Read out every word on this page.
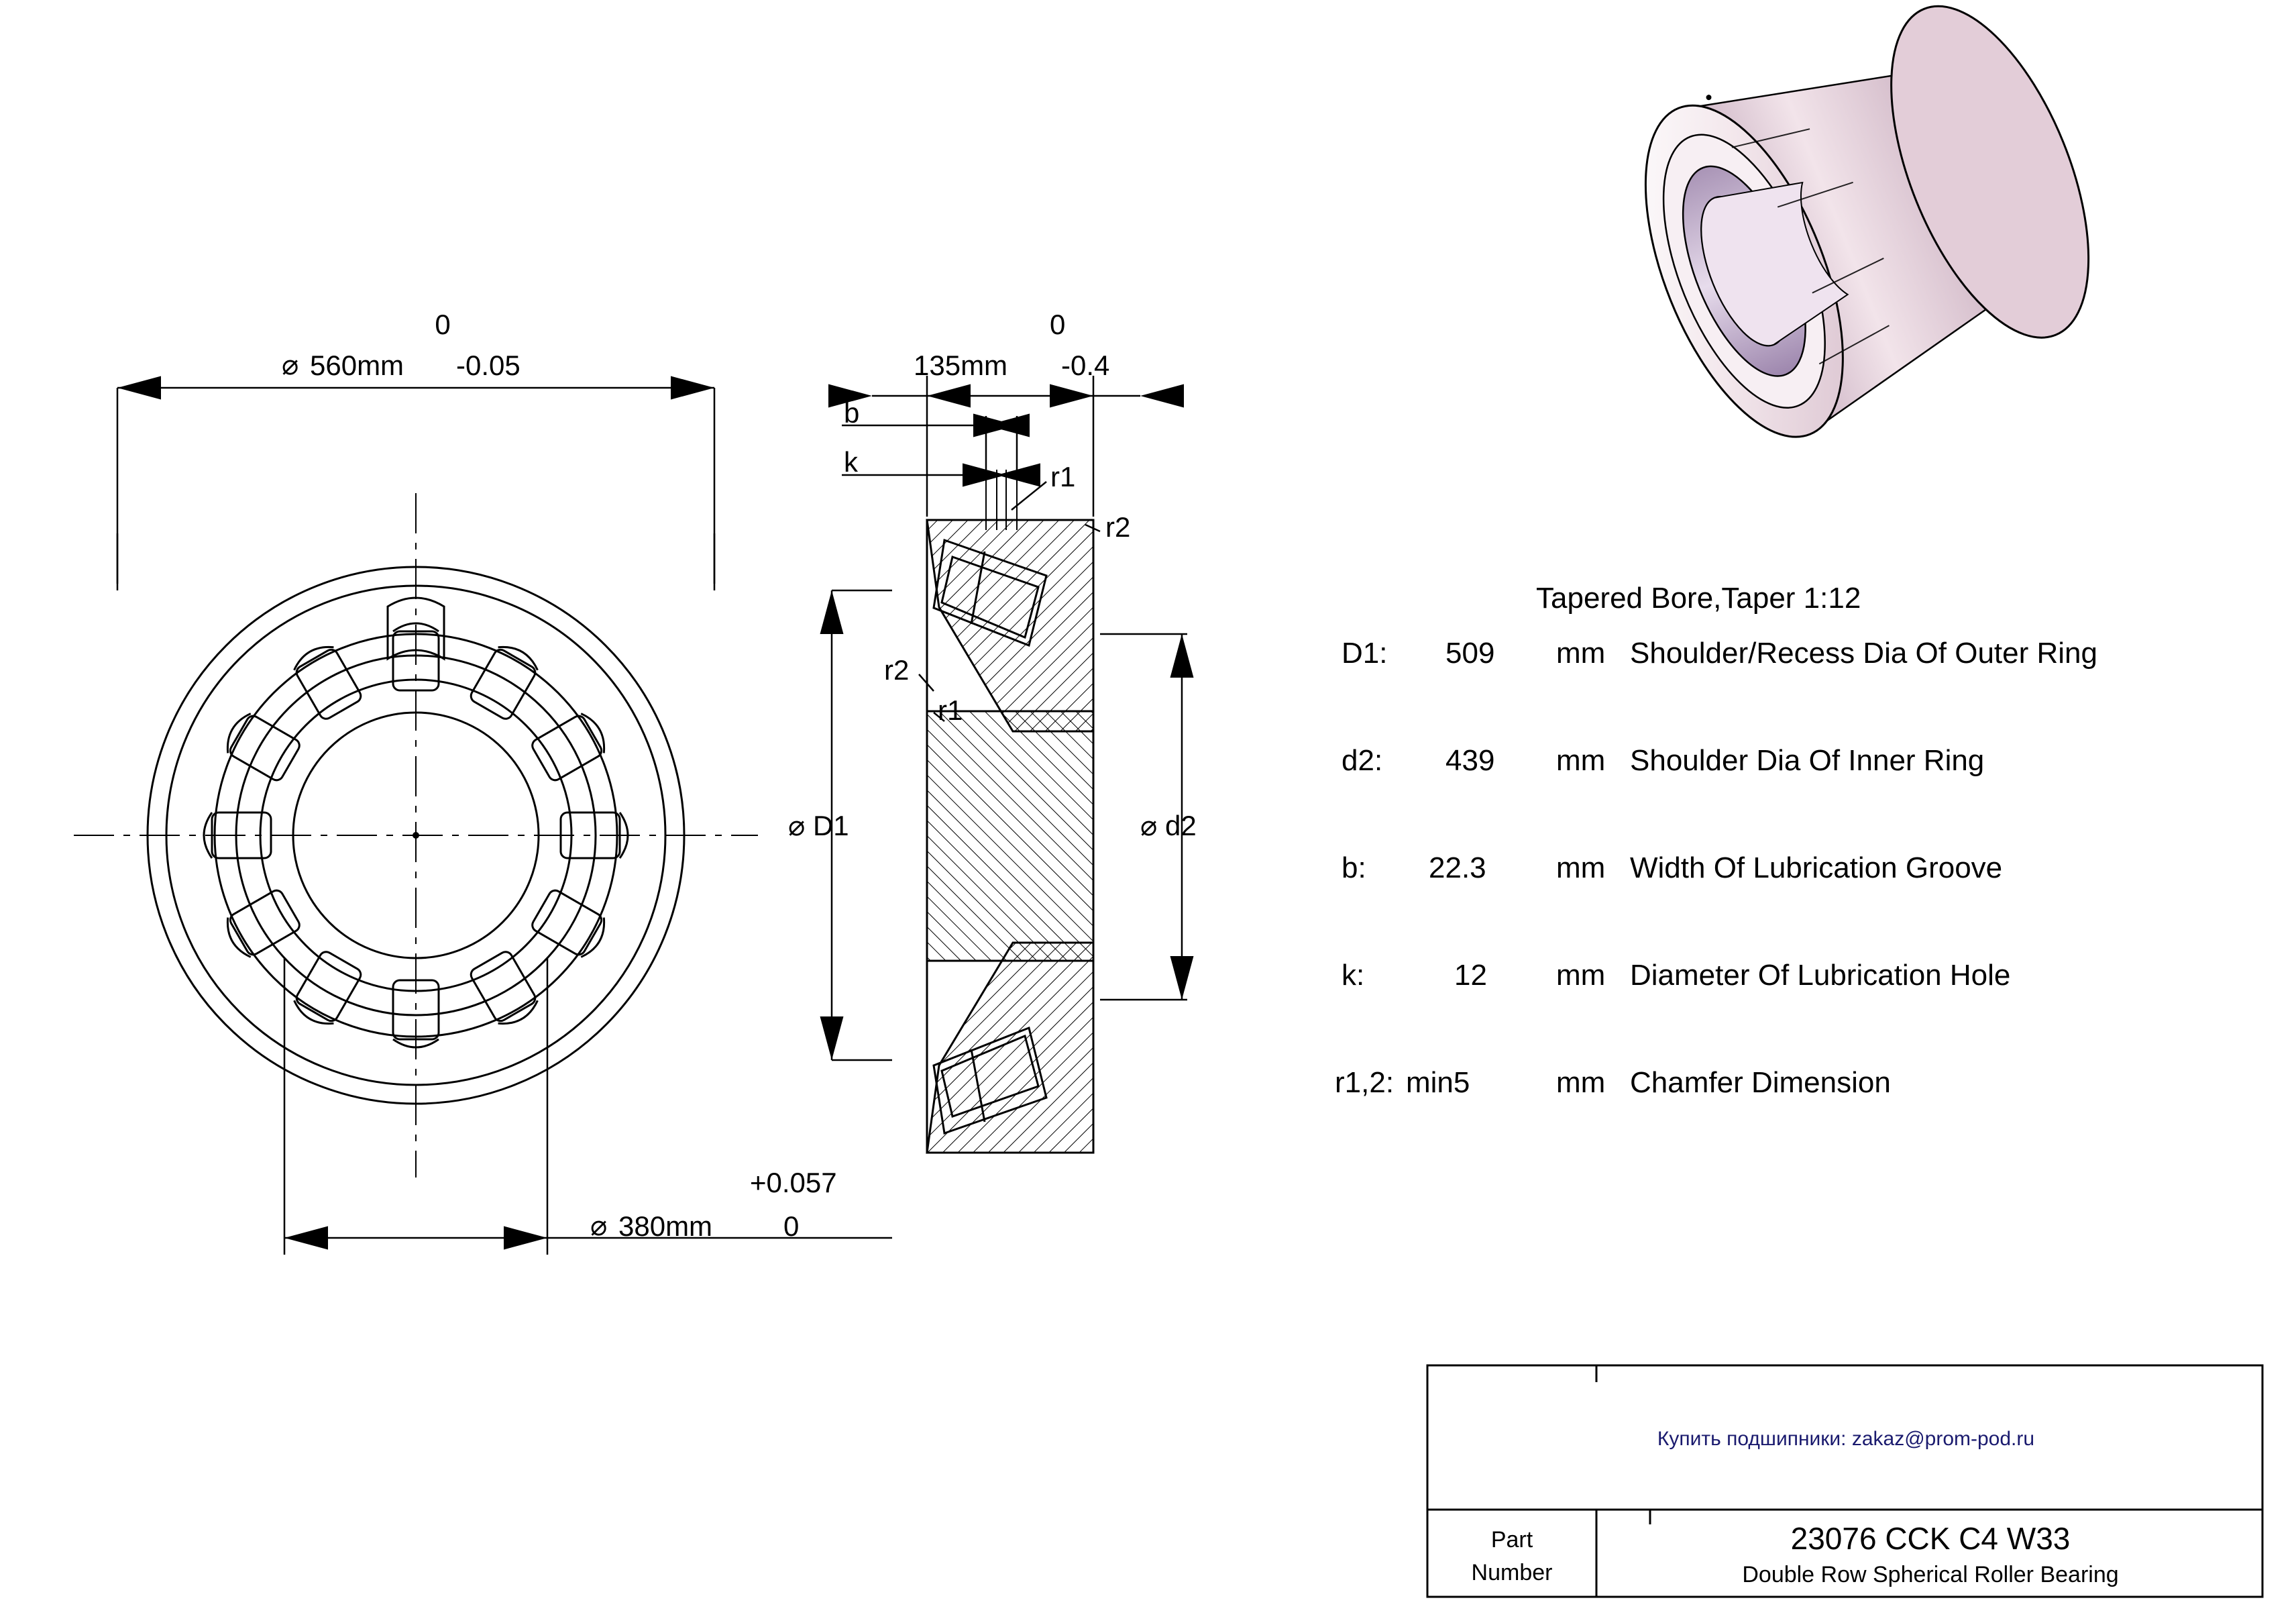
0
⌀ 560mm -0.05
+0.057
⌀ 380mm	0
0
135mm -0.4
b
k	r1
r2
r2
r1
⌀ D1	⌀ d2
Tapered Bore,Taper 1:12
D1: 509 mm Shoulder/Recess Dia Of Outer Ring
d2: 439 mm Shoulder Dia Of Inner Ring
b: 22.3 mm Width Of Lubrication Groove
k:	12 mm Diameter Of Lubrication Hole
r1,2: min5	mm Chamfer Dimension
Купить подшипники: zakaz@prom-pod.ru
Part
Number
23076 CCK C4 W33
Double Row Spherical Roller Bearing
